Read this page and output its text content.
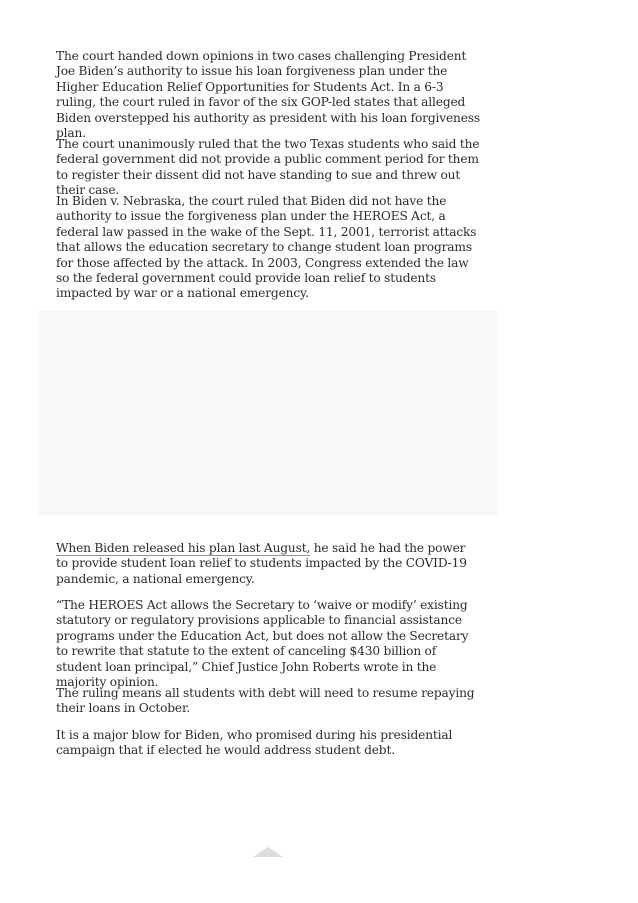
The court handed down opinions in two cases challenging President Joe Biden’s authority to issue his loan forgiveness plan under the Higher Education Relief Opportunities for Students Act. In a 6-3 ruling, the court ruled in favor of the six GOP-led states that alleged Biden overstepped his authority as president with his loan forgiveness plan.

The court unanimously ruled that the two Texas students who said the federal government did not provide a public comment period for them to register their dissent did not have standing to sue and threw out their case.

In Biden v. Nebraska, the court ruled that Biden did not have the authority to issue the forgiveness plan under the HEROES Act, a federal law passed in the wake of the Sept. 11, 2001, terrorist attacks that allows the education secretary to change student loan programs for those affected by the attack. In 2003, Congress extended the law so the federal government could provide loan relief to students impacted by war or a national emergency.

When Biden released his plan last August, he said he had the power to provide student loan relief to students impacted by the COVID-19 pandemic, a national emergency.

“The HEROES Act allows the Secretary to ‘waive or modify’ existing statutory or regulatory provisions applicable to financial assistance programs under the Education Act, but does not allow the Secretary to rewrite that statute to the extent of canceling $430 billion of student loan principal,” Chief Justice John Roberts wrote in the majority opinion.

The ruling means all students with debt will need to resume repaying their loans in October.

It is a major blow for Biden, who promised during his presidential campaign that if elected he would address student debt.
